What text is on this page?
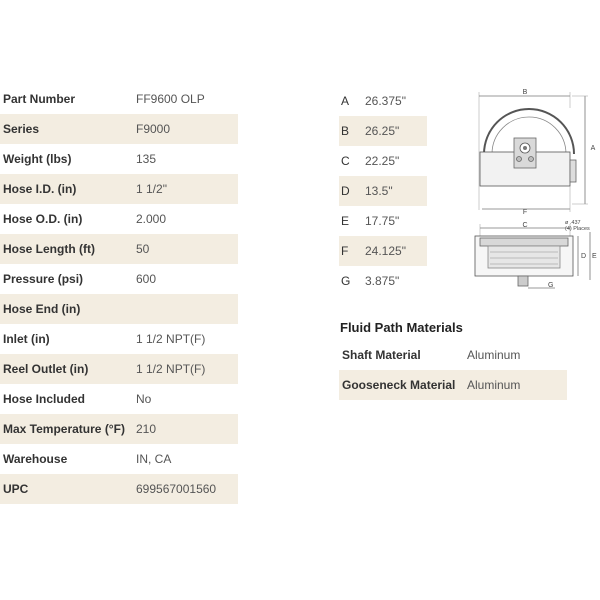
Part Number	FF9600 OLP
Series	F9000
Weight (lbs)	135
Hose I.D. (in)	1 1/2"
Hose O.D. (in)	2.000
Hose Length (ft)	50
Pressure (psi)	600
Hose End (in)
Inlet (in)	1 1/2 NPT(F)
Reel Outlet (in)	1 1/2 NPT(F)
Hose Included	No
Max Temperature (°F) 210
Warehouse	IN, CA
UPC	699567001560
A	26.375"
B	26.25"
C	22.25"
D	13.5"
E	17.75"
F	24.125"
G	3.875"
B
A
F
ø .437
(4) Places
C
D E
G
Fluid Path Materials
Shaft Material	Aluminum
Gooseneck Material Aluminum
